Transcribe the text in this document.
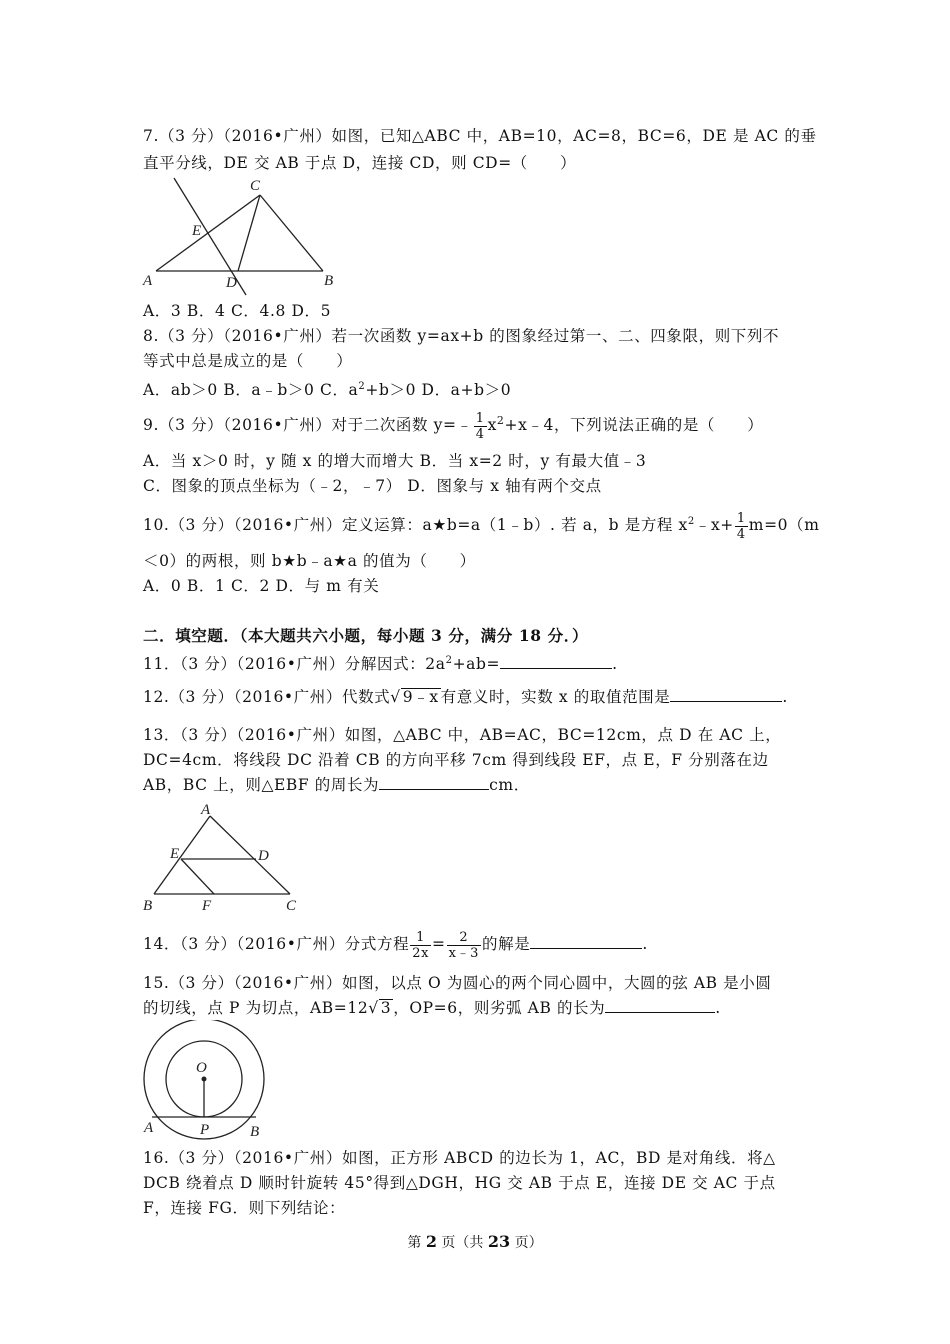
7.（3 分）（2016•广州）如图，已知△ABC 中，AB=10，AC=8，BC=6，DE 是 AC 的垂
直平分线，DE 交 AB 于点 D，连接 CD，则 CD=（　　）
A	B
C
D
E
A．3 B．4 C．4.8 D．5
8.（3 分）（2016•广州）若一次函数 y=ax+b 的图象经过第一、二、四象限，则下列不
等式中总是成立的是（　　）
A．ab＞0 B．a﹣b＞0 C．$a^2+b>0$ D．a+b＞0
9.（3 分）（2016•广州）对于二次函数 y=﹣ $\frac{1}{4}$ $x^2+x﹣4$，下列说法正确的是（　　）
A．当 x＞0 时，y 随 x 的增大而增大 B．当 x=2 时，y 有最大值﹣3
C．图象的顶点坐标为（﹣2，﹣7） D．图象与 x 轴有两个交点
10.（3 分）（2016•广州）定义运算：a★b=a（1﹣b）. 若 a，b 是方程 $x^2﹣x+ \frac{1}{4} m=0(m$
＜0）的两根，则 b★b﹣a★a 的值为（　　）
A．0 B．1 C．2 D．与 m 有关
二．填空题．（本大题共六小题，每小题 3 分，满分 18 分．）
11．（3 分）（2016•广州）分解因式：$2a^2+ab=$	.
12.（3 分）（2016•广州）代数式√ 9﹣x 有意义时，实数 x 的取值范围是	.
13．（3 分）（2016•广州）如图，△ABC 中，AB=AC，BC=12cm，点 D 在 AC 上，
DC=4cm．将线段 DC 沿着 CB 的方向平移 7cm 得到线段 EF，点 E，F 分别落在边
AB，BC 上，则△EBF 的周长为	cm．
A
B	C
D
E
F
14．（3 分）（2016•广州）分式方程 $\frac{1}{2x} = \frac{2}{x﹣3}$ 的解是	.
15.（3 分）（2016•广州）如图，以点 O 为圆心的两个同心圆中，大圆的弦 AB 是小圆
的切线，点 P 为切点，AB=12√ 3 ，OP=6，则劣弧 AB 的长为	.
O
A	P	B
16.（3 分）（2016•广州）如图，正方形 ABCD 的边长为 1，AC，BD 是对角线．将△
DCB 绕着点 D 顺时针旋转 45°得到△DGH，HG 交 AB 于点 E，连接 DE 交 AC 于点
F，连接 FG．则下列结论：
第 2 页（共 23 页）
